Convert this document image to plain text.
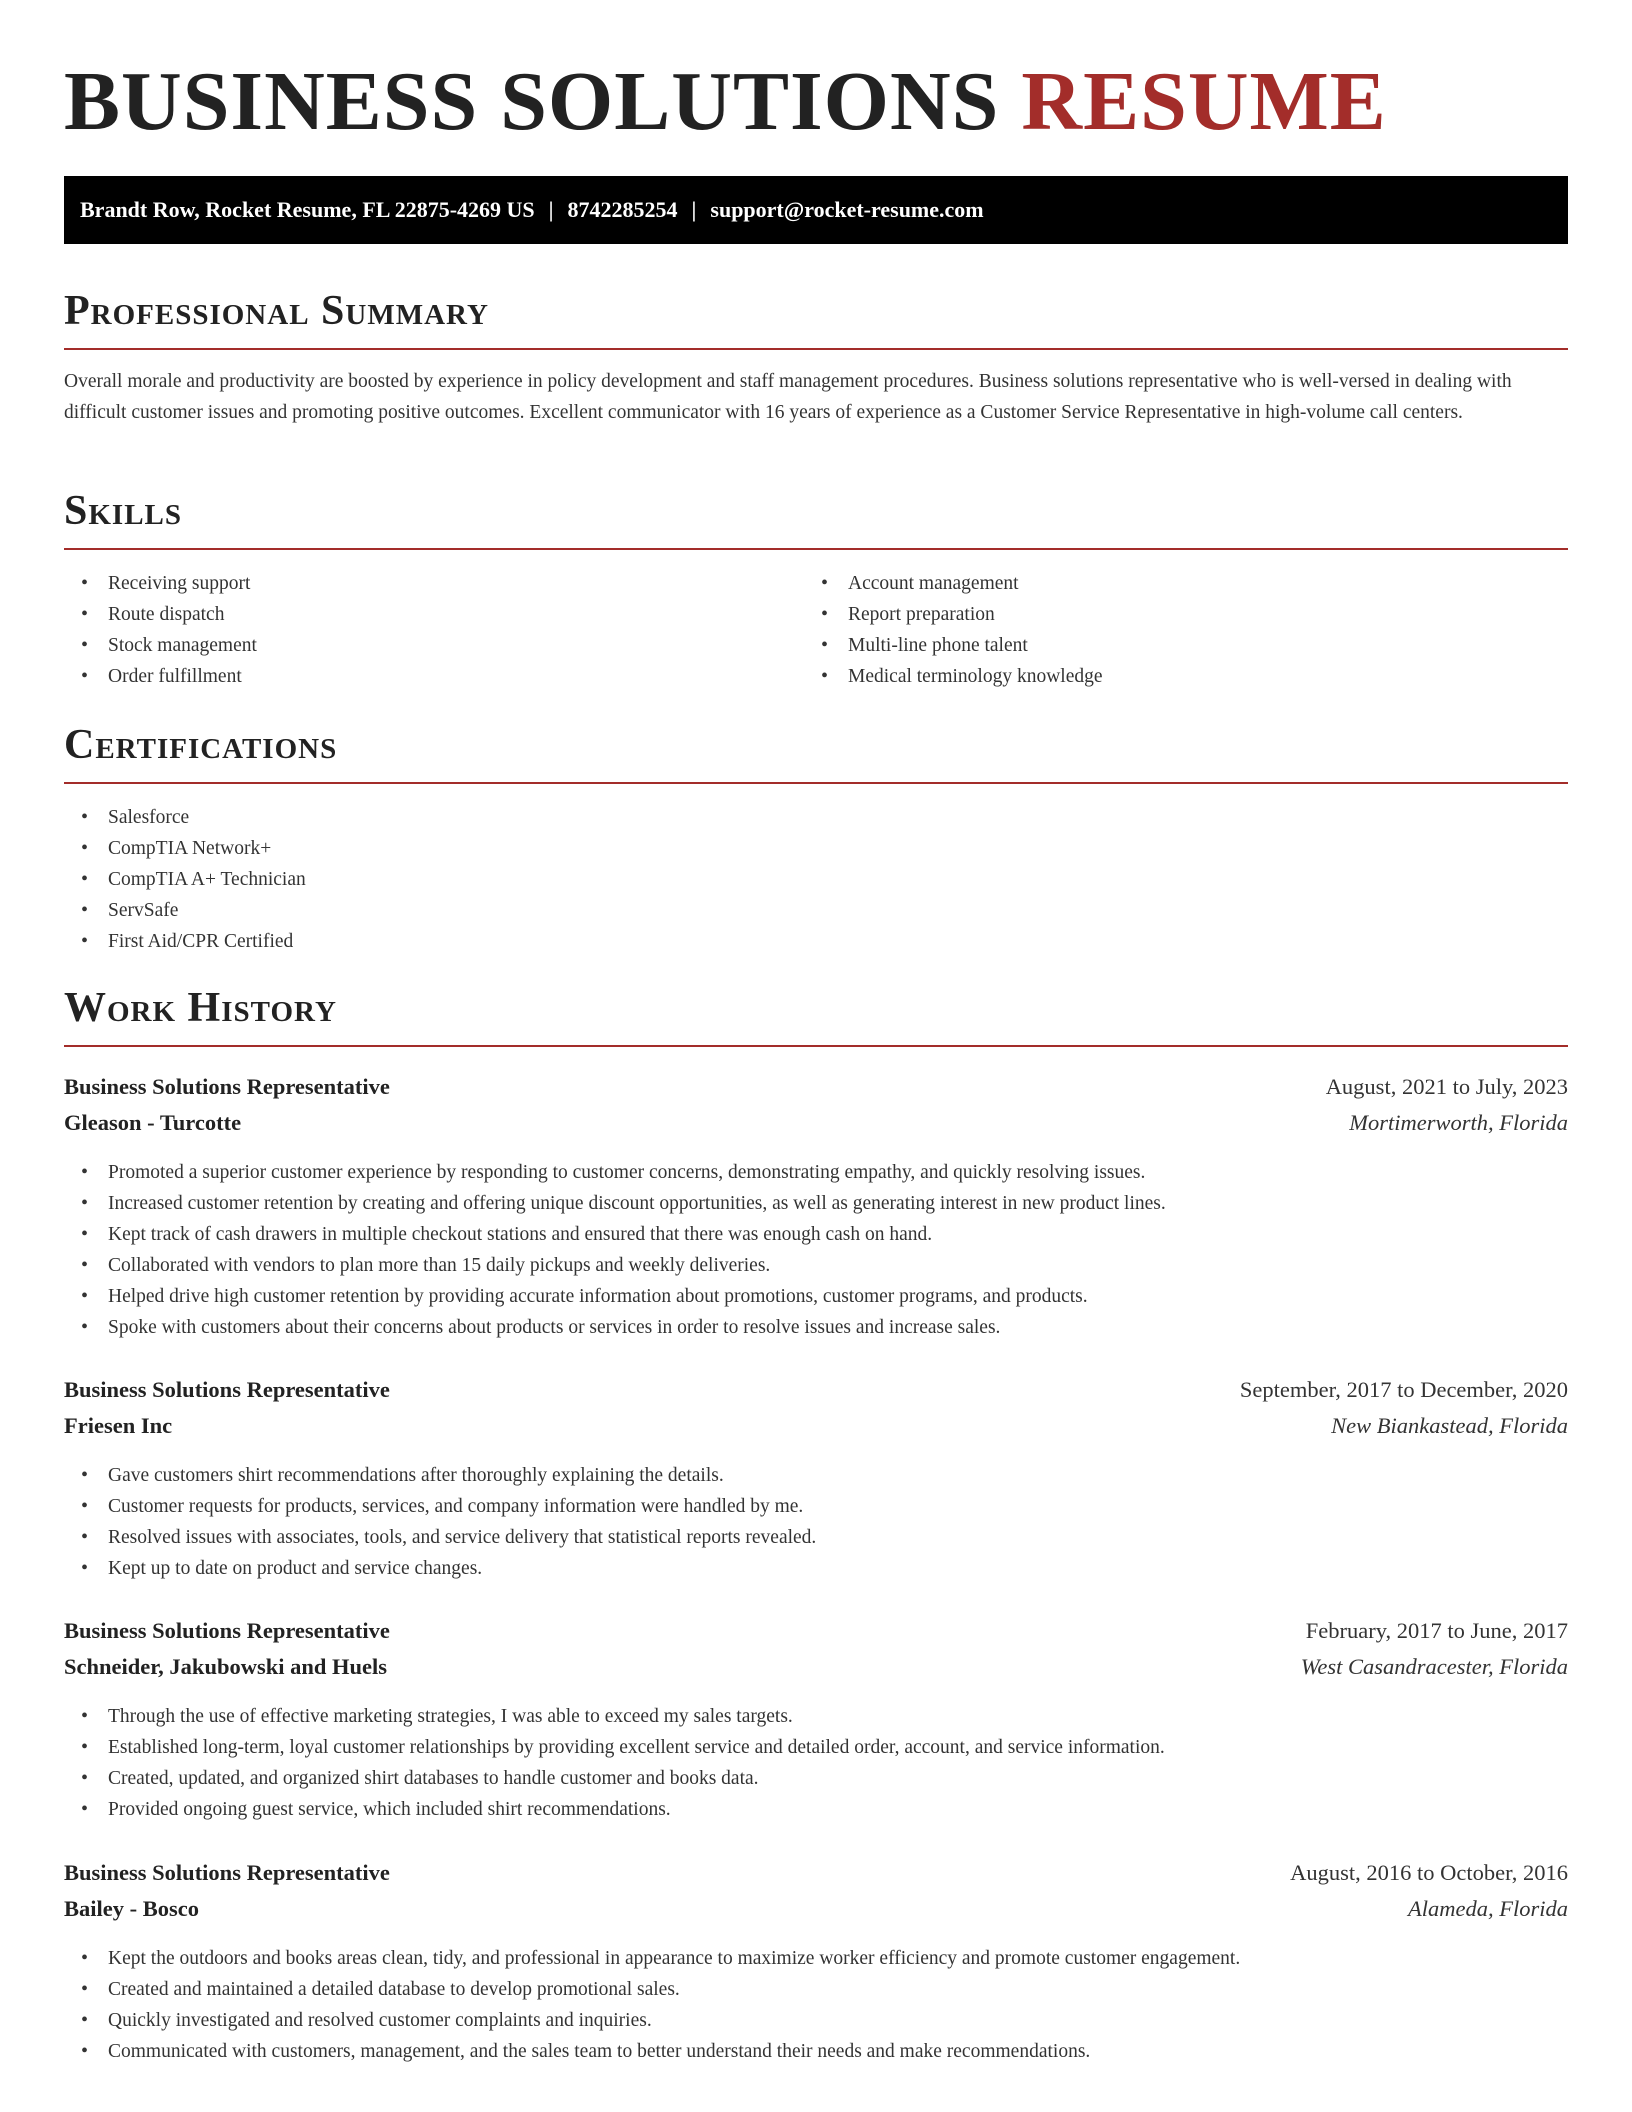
BUSINESS SOLUTIONS RESUME
Brandt Row, Rocket Resume, FL 22875-4269 US | 8742285254 | support@rocket-resume.com
Professional Summary

Overall morale and productivity are boosted by experience in policy development and staff management procedures. Business solutions representative who is well-versed in dealing with difficult customer issues and promoting positive outcomes. Excellent communicator with 16 years of experience as a Customer Service Representative in high-volume call centers.

Skills
• Receiving support
• Route dispatch
• Stock management
• Order fulfillment
• Account management
• Report preparation
• Multi-line phone talent
• Medical terminology knowledge
Certifications
• Salesforce
• CompTIA Network+
• CompTIA A+ Technician
• ServSafe
• First Aid/CPR Certified
Work History
Business Solutions Representative	August, 2021 to July, 2023
Gleason - Turcotte	Mortimerworth, Florida
• Promoted a superior customer experience by responding to customer concerns, demonstrating empathy, and quickly resolving issues.
• Increased customer retention by creating and offering unique discount opportunities, as well as generating interest in new product lines.
• Kept track of cash drawers in multiple checkout stations and ensured that there was enough cash on hand.
• Collaborated with vendors to plan more than 15 daily pickups and weekly deliveries.
• Helped drive high customer retention by providing accurate information about promotions, customer programs, and products.
• Spoke with customers about their concerns about products or services in order to resolve issues and increase sales.
Business Solutions Representative	September, 2017 to December, 2020
Friesen Inc	New Biankastead, Florida
• Gave customers shirt recommendations after thoroughly explaining the details.
• Customer requests for products, services, and company information were handled by me.
• Resolved issues with associates, tools, and service delivery that statistical reports revealed.
• Kept up to date on product and service changes.
Business Solutions Representative	February, 2017 to June, 2017
Schneider, Jakubowski and Huels	West Casandracester, Florida
• Through the use of effective marketing strategies, I was able to exceed my sales targets.
• Established long-term, loyal customer relationships by providing excellent service and detailed order, account, and service information.
• Created, updated, and organized shirt databases to handle customer and books data.
• Provided ongoing guest service, which included shirt recommendations.
Business Solutions Representative	August, 2016 to October, 2016
Bailey - Bosco	Alameda, Florida
• Kept the outdoors and books areas clean, tidy, and professional in appearance to maximize worker efficiency and promote customer engagement.
• Created and maintained a detailed database to develop promotional sales.
• Quickly investigated and resolved customer complaints and inquiries.
• Communicated with customers, management, and the sales team to better understand their needs and make recommendations.
